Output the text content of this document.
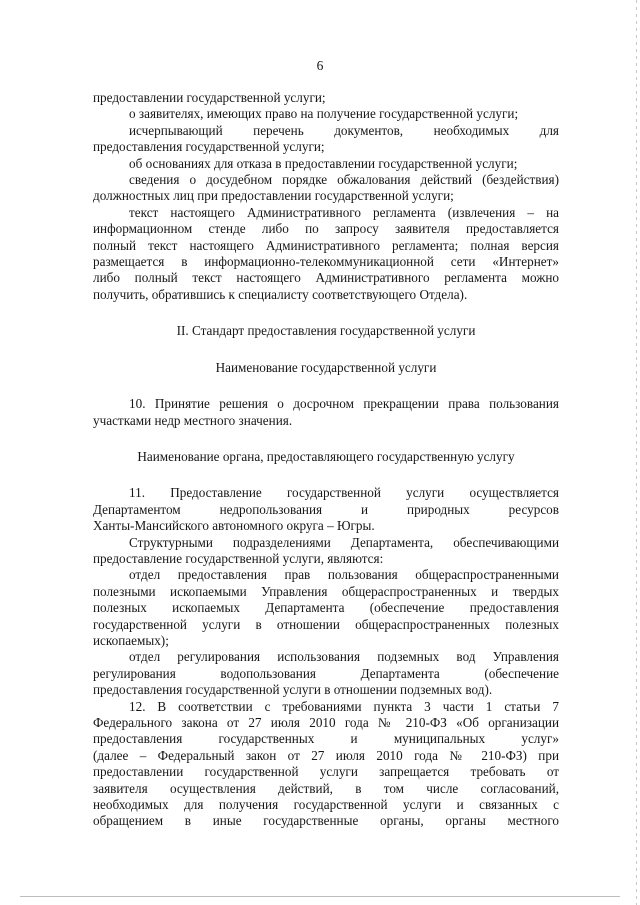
6

предоставлении государственной услуги;

о заявителях, имеющих право на получение государственной услуги;

исчерпывающий перечень документов, необходимых для

предоставления государственной услуги;

об основаниях для отказа в предоставлении государственной услуги;

сведения о досудебном порядке обжалования действий (бездействия)

должностных лиц при предоставлении государственной услуги;

текст настоящего Административного регламента (извлечения – на

информационном стенде либо по запросу заявителя предоставляется

полный текст настоящего Административного регламента; полная версия

размещается в информационно-телекоммуникационной сети «Интернет»

либо полный текст настоящего Административного регламента можно

получить, обратившись к специалисту соответствующего Отдела).

II. Стандарт предоставления государственной услуги

Наименование государственной услуги

10. Принятие решения о досрочном прекращении права пользования

участками недр местного значения.

Наименование органа, предоставляющего государственную услугу

11. Предоставление государственной услуги осуществляется

Департаментом недропользования и природных ресурсов

Ханты-Мансийского автономного округа – Югры.

Структурными подразделениями Департамента, обеспечивающими

предоставление государственной услуги, являются:

отдел предоставления прав пользования общераспространенными

полезными ископаемыми Управления общераспространенных и твердых

полезных ископаемых Департамента (обеспечение предоставления

государственной услуги в отношении общераспространенных полезных

ископаемых);

отдел регулирования использования подземных вод Управления

регулирования водопользования Департамента (обеспечение

предоставления государственной услуги в отношении подземных вод).

12. В соответствии с требованиями пункта 3 части 1 статьи 7

Федерального закона от 27 июля 2010 года № 210-ФЗ «Об организации

предоставления государственных и муниципальных услуг»

(далее – Федеральный закон от 27 июля 2010 года № 210-ФЗ) при

предоставлении государственной услуги запрещается требовать от

заявителя осуществления действий, в том числе согласований,

необходимых для получения государственной услуги и связанных с

обращением в иные государственные органы, органы местного
